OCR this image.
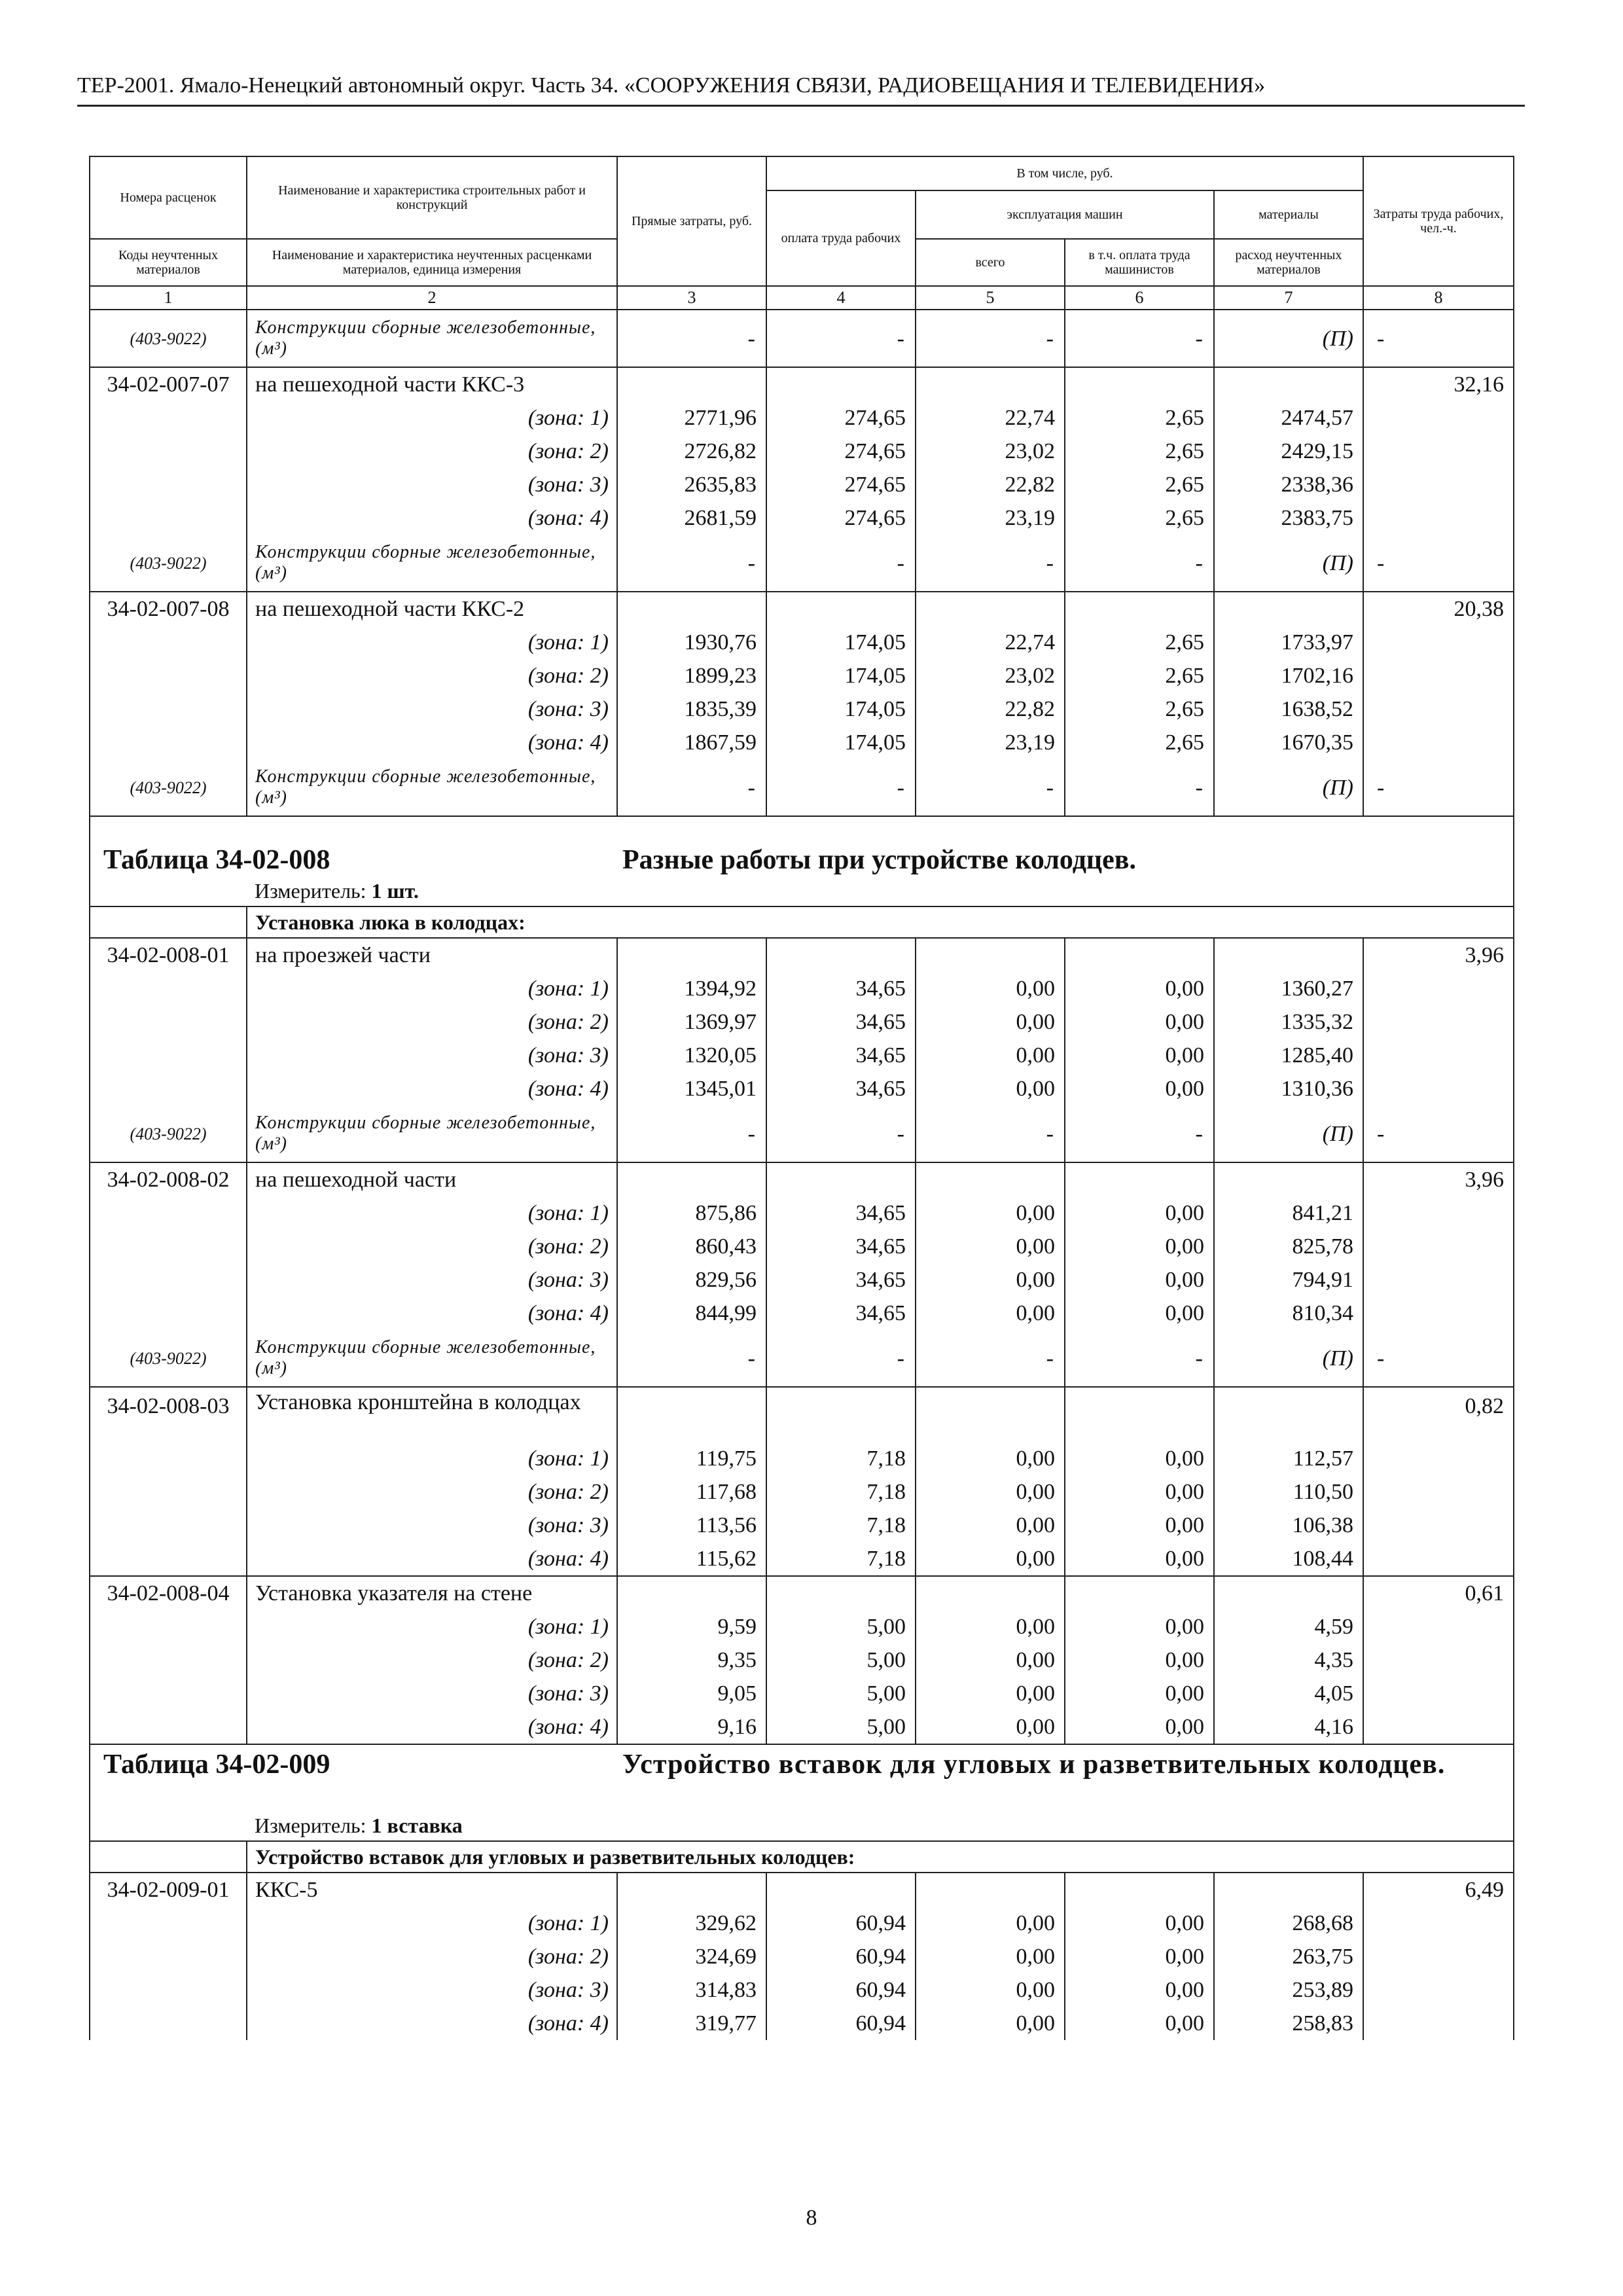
ТЕР-2001. Ямало-Ненецкий автономный округ. Часть 34. «СООРУЖЕНИЯ СВЯЗИ, РАДИОВЕЩАНИЯ И ТЕЛЕВИДЕНИЯ»
Номера расценок	Наименование и характеристика строительных работ и конструкций	Прямые затраты, руб.	В том числе, руб.				Затраты труда рабочих, чел.-ч.
			оплата труда рабочих	эксплуатация машин		материалы	
Коды неучтенных материалов	Наименование и характеристика неучтенных расценками материалов, единица измерения			всего	в т.ч. оплата труда машинистов	расход неучтенных материалов	

1	2	3	4	5	6	7	8
(403-9022)	Конструкции сборные железобетонные, (м³)	-	-	-	-	(П)	-
34-02-007-07	на пешеходной части ККС-3						32,16
	(зона: 1)	2771,96	274,65	22,74	2,65	2474,57	
	(зона: 2)	2726,82	274,65	23,02	2,65	2429,15	
	(зона: 3)	2635,83	274,65	22,82	2,65	2338,36	
	(зона: 4)	2681,59	274,65	23,19	2,65	2383,75	
(403-9022)	Конструкции сборные железобетонные, (м³)	-	-	-	-	(П)	-
34-02-007-08	на пешеходной части ККС-2						20,38
	(зона: 1)	1930,76	174,05	22,74	2,65	1733,97	
	(зона: 2)	1899,23	174,05	23,02	2,65	1702,16	
	(зона: 3)	1835,39	174,05	22,82	2,65	1638,52	
	(зона: 4)	1867,59	174,05	23,19	2,65	1670,35	
(403-9022)	Конструкции сборные железобетонные, (м³)	-	-	-	-	(П)	-
Таблица 34-02-008		Разные работы при устройстве колодцев.					
	Измеритель: 1 шт.						
	Установка люка в колодцах:						
34-02-008-01	на проезжей части						3,96
	(зона: 1)	1394,92	34,65	0,00	0,00	1360,27	
	(зона: 2)	1369,97	34,65	0,00	0,00	1335,32	
	(зона: 3)	1320,05	34,65	0,00	0,00	1285,40	
	(зона: 4)	1345,01	34,65	0,00	0,00	1310,36	
(403-9022)	Конструкции сборные железобетонные, (м³)	-	-	-	-	(П)	-
34-02-008-02	на пешеходной части						3,96
	(зона: 1)	875,86	34,65	0,00	0,00	841,21	
	(зона: 2)	860,43	34,65	0,00	0,00	825,78	
	(зона: 3)	829,56	34,65	0,00	0,00	794,91	
	(зона: 4)	844,99	34,65	0,00	0,00	810,34	
(403-9022)	Конструкции сборные железобетонные, (м³)	-	-	-	-	(П)	-
34-02-008-03	Установка кронштейна в колодцах						0,82
	(зона: 1)	119,75	7,18	0,00	0,00	112,57	
	(зона: 2)	117,68	7,18	0,00	0,00	110,50	
	(зона: 3)	113,56	7,18	0,00	0,00	106,38	
	(зона: 4)	115,62	7,18	0,00	0,00	108,44	
34-02-008-04	Установка указателя на стене						0,61
	(зона: 1)	9,59	5,00	0,00	0,00	4,59	
	(зона: 2)	9,35	5,00	0,00	0,00	4,35	
	(зона: 3)	9,05	5,00	0,00	0,00	4,05	
	(зона: 4)	9,16	5,00	0,00	0,00	4,16	
Таблица 34-02-009		Устройство вставок для угловых и разветвительных колодцев.					
	Измеритель: 1 вставка						
	Устройство вставок для угловых и разветвительных колодцев:						
34-02-009-01	ККС-5						6,49
	(зона: 1)	329,62	60,94	0,00	0,00	268,68	
	(зона: 2)	324,69	60,94	0,00	0,00	263,75	
	(зона: 3)	314,83	60,94	0,00	0,00	253,89	
	(зона: 4)	319,77	60,94	0,00	0,00	258,83	
8
